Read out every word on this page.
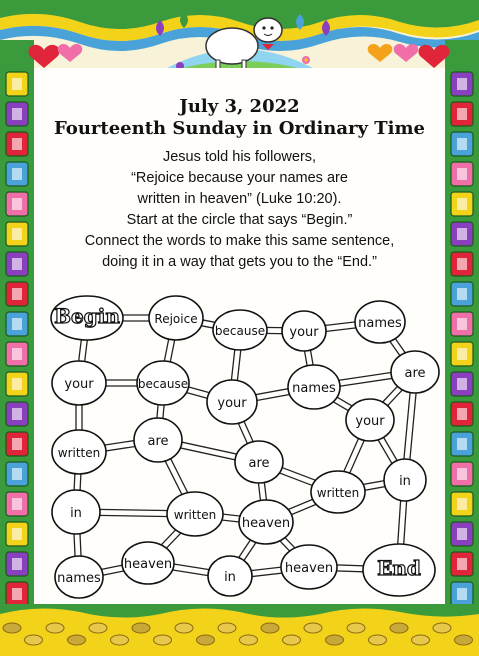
July 3, 2022
Fourteenth Sunday in Ordinary Time
Jesus told his followers,
“Rejoice because your names are
written in heaven” (Luke 10:20).
Start at the circle that says “Begin.”
Connect the words to make this same sentence,
doing it in a way that gets you to the “End.”
Begin	Rejoice
because your
names
your	because
your
names
are
your
written
are
are
in	written
in
written
heaven
names
heaven
in
heaven End
